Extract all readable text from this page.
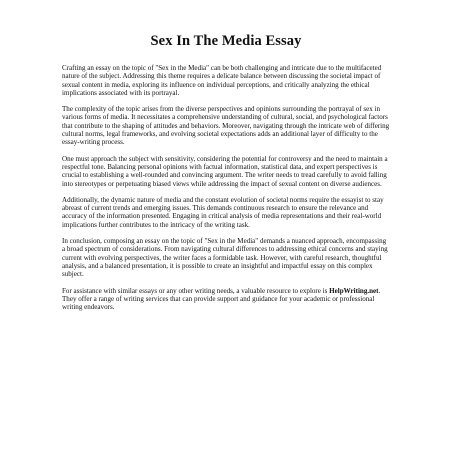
Sex In The Media Essay

Crafting an essay on the topic of "Sex in the Media" can be both challenging and intricate due to the multifaceted nature of the subject. Addressing this theme requires a delicate balance between discussing the societal impact of sexual content in media, exploring its influence on individual perceptions, and critically analyzing the ethical implications associated with its portrayal.

The complexity of the topic arises from the diverse perspectives and opinions surrounding the portrayal of sex in various forms of media. It necessitates a comprehensive understanding of cultural, social, and psychological factors that contribute to the shaping of attitudes and behaviors. Moreover, navigating through the intricate web of differing cultural norms, legal frameworks, and evolving societal expectations adds an additional layer of difficulty to the essay-writing process.

One must approach the subject with sensitivity, considering the potential for controversy and the need to maintain a respectful tone. Balancing personal opinions with factual information, statistical data, and expert perspectives is crucial to establishing a well-rounded and convincing argument. The writer needs to tread carefully to avoid falling into stereotypes or perpetuating biased views while addressing the impact of sexual content on diverse audiences.

Additionally, the dynamic nature of media and the constant evolution of societal norms require the essayist to stay abreast of current trends and emerging issues. This demands continuous research to ensure the relevance and accuracy of the information presented. Engaging in critical analysis of media representations and their real-world implications further contributes to the intricacy of the writing task.

In conclusion, composing an essay on the topic of "Sex in the Media" demands a nuanced approach, encompassing a broad spectrum of considerations. From navigating cultural differences to addressing ethical concerns and staying current with evolving perspectives, the writer faces a formidable task. However, with careful research, thoughtful analysis, and a balanced presentation, it is possible to create an insightful and impactful essay on this complex subject.

For assistance with similar essays or any other writing needs, a valuable resource to explore is HelpWriting.net. They offer a range of writing services that can provide support and guidance for your academic or professional writing endeavors.
